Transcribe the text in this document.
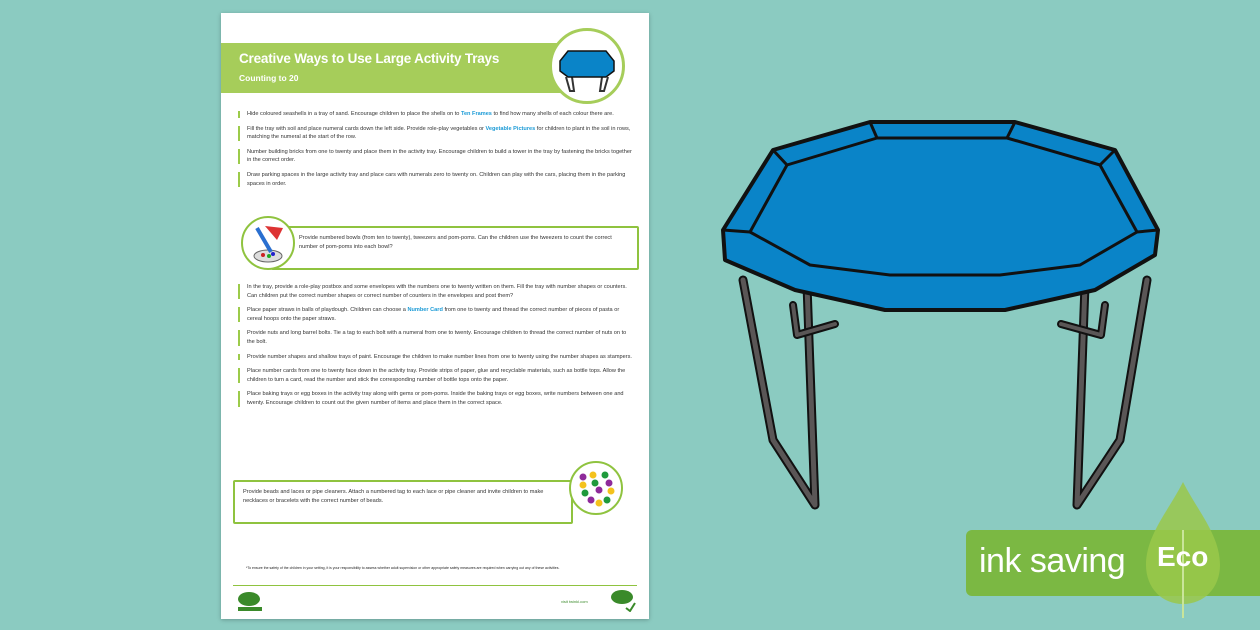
Creative Ways to Use Large Activity Trays
Counting to 20
Hide coloured seashells in a tray of sand. Encourage children to place the shells on to Ten Frames to find how many shells of each colour there are.
Fill the tray with soil and place numeral cards down the left side. Provide role-play vegetables or Vegetable Pictures for children to plant in the soil in rows, matching the numeral at the start of the row.
Number building bricks from one to twenty and place them in the activity tray. Encourage children to build a tower in the tray by fastening the bricks together in the correct order.
Draw parking spaces in the large activity tray and place cars with numerals zero to twenty on. Children can play with the cars, placing them in the parking spaces in order.
Provide numbered bowls (from ten to twenty), tweezers and pom-poms. Can the children use the tweezers to count the correct number of pom-poms into each bowl?
In the tray, provide a role-play postbox and some envelopes with the numbers one to twenty written on them. Fill the tray with number shapes or counters. Can children put the correct number shapes or correct number of counters in the envelopes and post them?
Place paper straws in balls of playdough. Children can choose a Number Card from one to twenty and thread the correct number of pieces of pasta or cereal hoops onto the paper straws.
Provide nuts and long barrel bolts. Tie a tag to each bolt with a numeral from one to twenty. Encourage children to thread the correct number of nuts on to the bolt.
Provide number shapes and shallow trays of paint. Encourage the children to make number lines from one to twenty using the number shapes as stampers.
Place number cards from one to twenty face down in the activity tray. Provide strips of paper, glue and recyclable materials, such as bottle tops. Allow the children to turn a card, read the number and stick the corresponding number of bottle tops onto the paper.
Place baking trays or egg boxes in the activity tray along with gems or pom-poms. Inside the baking trays or egg boxes, write numbers between one and twenty. Encourage children to count out the given number of items and place them in the correct space.
Provide beads and laces or pipe cleaners. Attach a numbered tag to each lace or pipe cleaner and invite children to make necklaces or bracelets with the correct number of beads.
*To ensure the safety of the children in your setting, it is your responsibility to assess whether adult supervision or other appropriate safety measures are required when carrying out any of these activities.
visit twinkl.com
ink saving Eco
